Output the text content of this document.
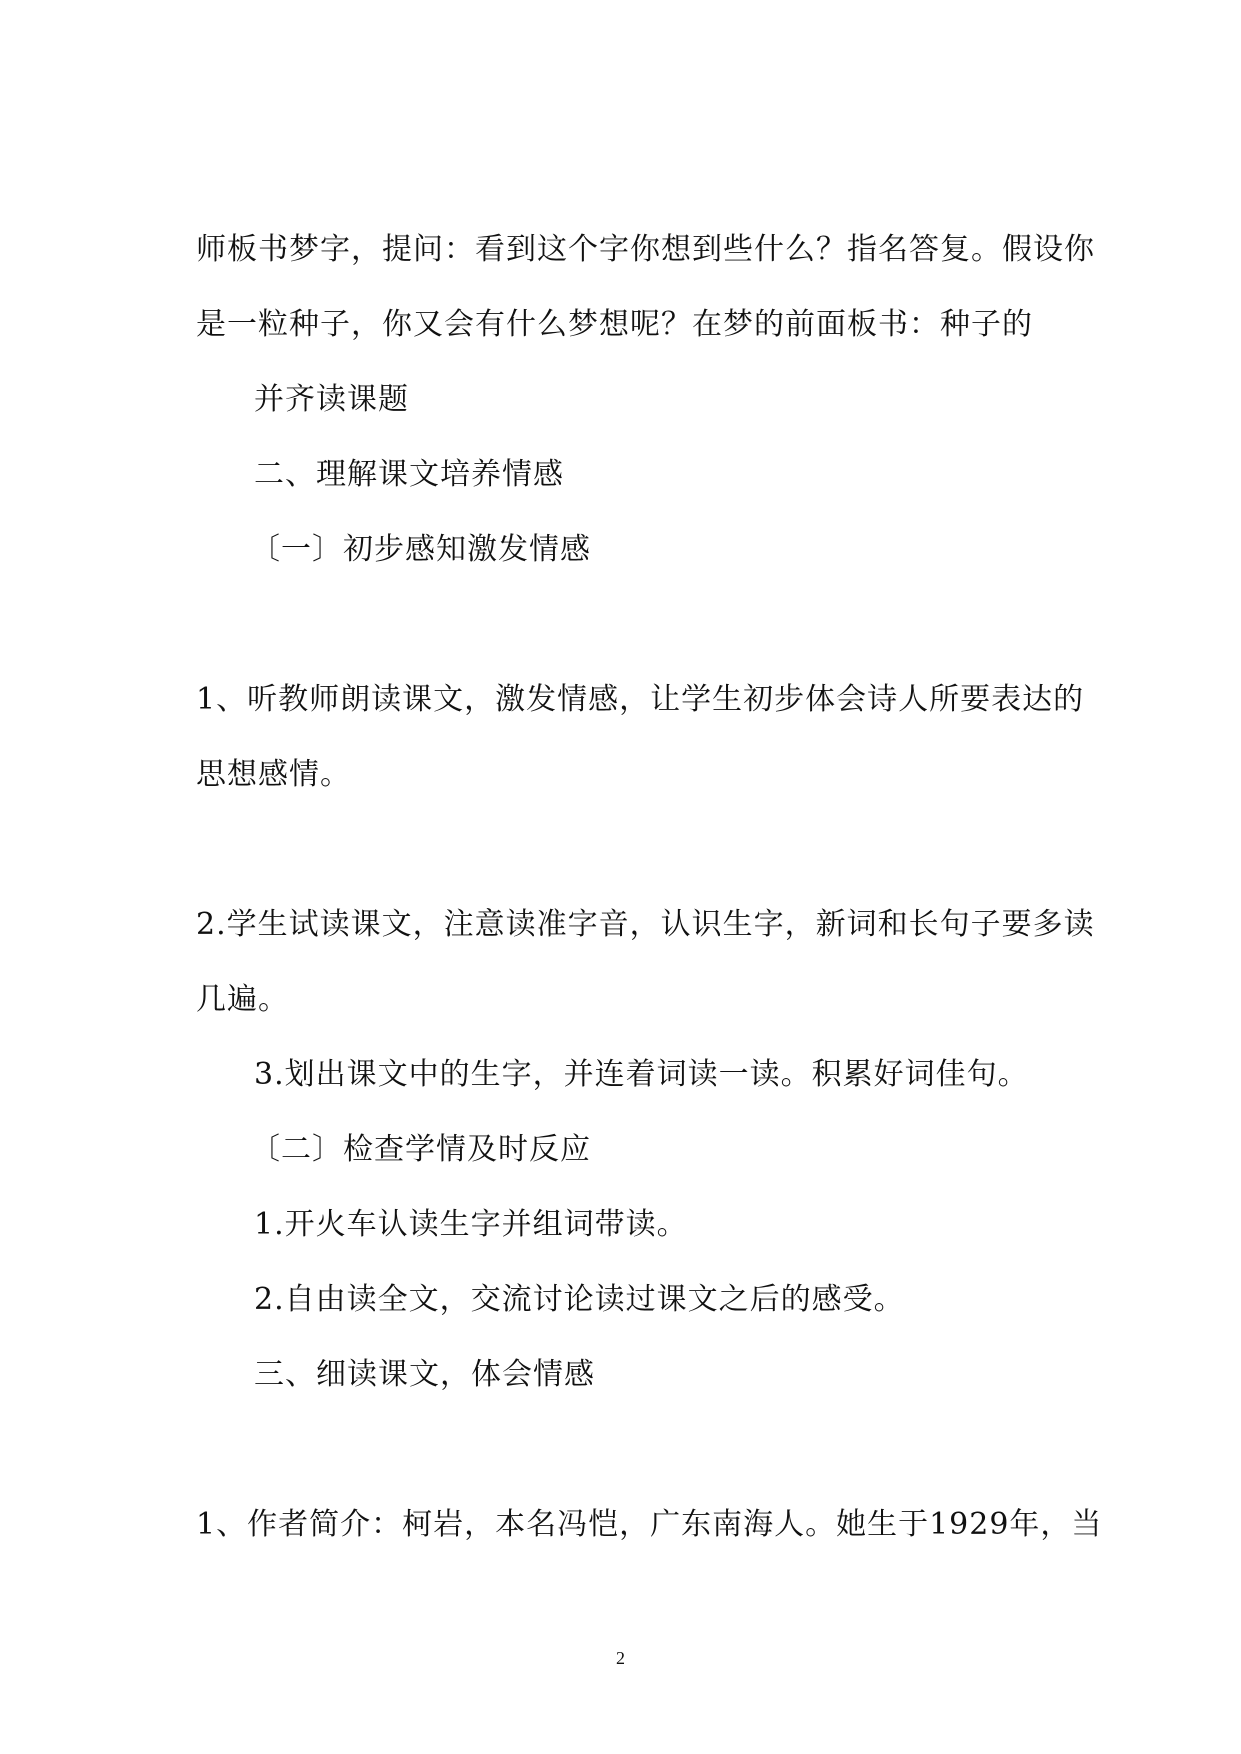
师板书梦字，提问：看到这个字你想到些什么？指名答复。假设你
是一粒种子，你又会有什么梦想呢？在梦的前面板书：种子的
并齐读课题
二、理解课文培养情感
〔一〕初步感知激发情感
1、听教师朗读课文，激发情感，让学生初步体会诗人所要表达的
思想感情。
2.学生试读课文，注意读准字音，认识生字，新词和长句子要多读
几遍。
3.划出课文中的生字，并连着词读一读。积累好词佳句。
〔二〕检查学情及时反应
1.开火车认读生字并组词带读。
2.自由读全文，交流讨论读过课文之后的感受。
三、细读课文，体会情感
1、作者简介：柯岩，本名冯恺，广东南海人。她生于1929年，当
2
